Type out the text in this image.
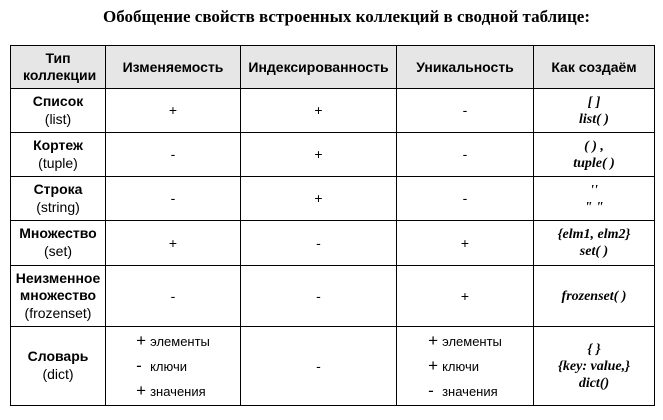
Обобщение свойств встроенных коллекций в сводной таблице:
Тип коллекции	Изменяемость	Индексированность	Уникальность	Как создаём

Список
(list)	+	+	-	[ ]
list( )

Кортеж
(tuple)	-	+	-	( ) ,
tuple( )

Строка
(string)	-	+	-	''
" "

Множество
(set)	+	-	+	{elm1, elm2}
set( )

Неизменное множество
(frozenset)	-	-	+	frozenset( )

Словарь
(dict)	+ элементы
- ключи
+ значения	-	+ элементы
+ ключи
- значения	{ }
{key: value,}
dict()
